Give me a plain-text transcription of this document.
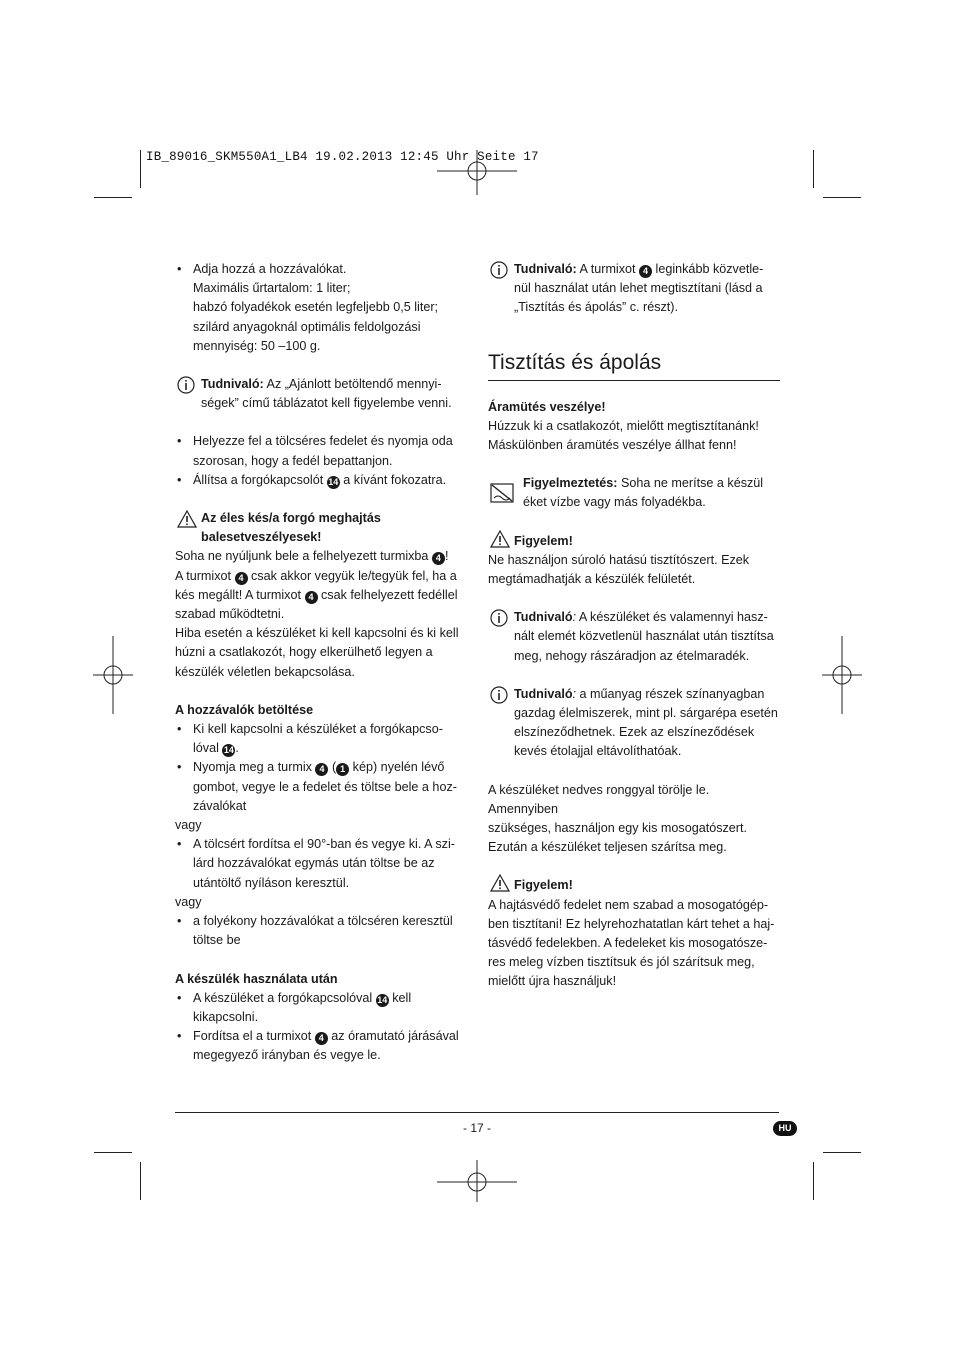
IB_89016_SKM550A1_LB4 19.02.2013 12:45 Uhr Seite 17

• Adja hozzá a hozzávalókat.

Maximális űrtartalom: 1 liter;

habzó folyadékok esetén legfeljebb 0,5 liter;

szilárd anyagoknál optimális feldolgozási

mennyiség: 50 –100 g.

Tudnivaló: Az „Ajánlott betöltendő mennyi-

ségek” című táblázatot kell figyelembe venni.

• Helyezze fel a tölcséres fedelet és nyomja oda

szorosan, hogy a fedél bepattanjon.

• Állítsa a forgókapcsolót 14 a kívánt fokozatra.

Az éles kés/a forgó meghajtás

balesetveszélyesek!

Soha ne nyúljunk bele a felhelyezett turmixba 4 !

A turmixot 4 csak akkor vegyük le/tegyük fel, ha a

kés megállt! A turmixot 4 csak felhelyezett fedéllel

szabad működtetni.

Hiba esetén a készüléket ki kell kapcsolni és ki kell

húzni a csatlakozót, hogy elkerülhető legyen a

készülék véletlen bekapcsolása.

A hozzávalók betöltése

• Ki kell kapcsolni a készüléket a forgókapcso-

lóval 14 .

• Nyomja meg a turmix 4 ( 1 kép) nyelén lévő

gombot, vegye le a fedelet és töltse bele a hoz-

závalókat

vagy

• A tölcsért fordítsa el 90°-ban és vegye ki. A szi-

lárd hozzávalókat egymás után töltse be az

utántöltő nyíláson keresztül.

vagy

• a folyékony hozzávalókat a tölcséren keresztül

töltse be

A készülék használata után

• A készüléket a forgókapcsolóval 14 kell

kikapcsolni.

• Fordítsa el a turmixot 4 az óramutató járásával

megegyező irányban és vegye le.

Tudnivaló: A turmixot 4 leginkább közvetle-

nül használat után lehet megtisztítani (lásd a

„Tisztítás és ápolás” c. részt).

Tisztítás és ápolás

Áramütés veszélye!

Húzzuk ki a csatlakozót, mielőtt megtisztítanánk!

Máskülönben áramütés veszélye állhat fenn!

Figyelmeztetés: Soha ne merítse a készül

éket vízbe vagy más folyadékba.

Figyelem!

Ne használjon súroló hatású tisztítószert. Ezek

megtámadhatják a készülék felületét.

Tudnivaló: A készüléket és valamennyi hasz-

nált elemét közvetlenül használat után tisztítsa

meg, nehogy rászáradjon az ételmaradék.

Tudnivaló: a műanyag részek színanyagban

gazdag élelmiszerek, mint pl. sárgarépa esetén

elszíneződhetnek. Ezek az elszíneződések

kevés étolajjal eltávolíthatóak.

A készüléket nedves ronggyal törölje le. Amennyiben

szükséges, használjon egy kis mosogatószert.

Ezután a készüléket teljesen szárítsa meg.

Figyelem!

A hajtásvédő fedelet nem szabad a mosogatógép-

ben tisztítani! Ez helyrehozhatatlan kárt tehet a haj-

tásvédő fedelekben. A fedeleket kis mosogatósze-

res meleg vízben tisztítsuk és jól szárítsuk meg,

mielőtt újra használjuk!

- 17 -	HU
